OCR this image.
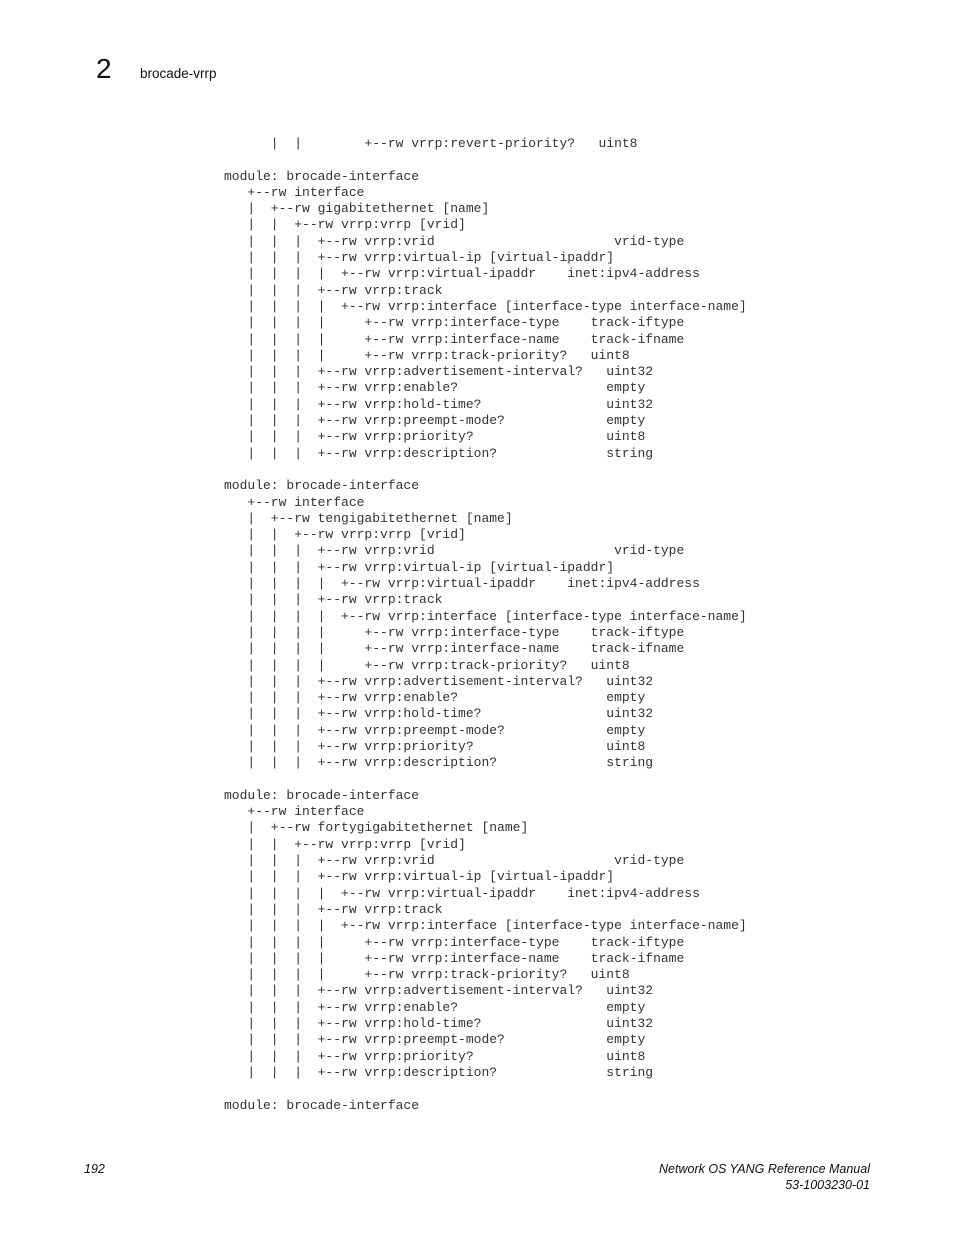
2 brocade-vrrp
|  |        +--rw vrrp:revert-priority?   uint8

module: brocade-interface
+--rw interface
|  +--rw gigabitethernet [name]
|  |  +--rw vrrp:vrrp [vrid]
|  |  |  +--rw vrrp:vrid                       vrid-type
|  |  |  +--rw vrrp:virtual-ip [virtual-ipaddr]
|  |  |  |  +--rw vrrp:virtual-ipaddr    inet:ipv4-address
|  |  |  +--rw vrrp:track
|  |  |  |  +--rw vrrp:interface [interface-type interface-name]
|  |  |  |     +--rw vrrp:interface-type    track-iftype
|  |  |  |     +--rw vrrp:interface-name    track-ifname
|  |  |  |     +--rw vrrp:track-priority?   uint8
|  |  |  +--rw vrrp:advertisement-interval?   uint32
|  |  |  +--rw vrrp:enable?                   empty
|  |  |  +--rw vrrp:hold-time?                uint32
|  |  |  +--rw vrrp:preempt-mode?             empty
|  |  |  +--rw vrrp:priority?                 uint8
|  |  |  +--rw vrrp:description?              string

module: brocade-interface
+--rw interface
|  +--rw tengigabitethernet [name]
|  |  +--rw vrrp:vrrp [vrid]
|  |  |  +--rw vrrp:vrid                       vrid-type
|  |  |  +--rw vrrp:virtual-ip [virtual-ipaddr]
|  |  |  |  +--rw vrrp:virtual-ipaddr    inet:ipv4-address
|  |  |  +--rw vrrp:track
|  |  |  |  +--rw vrrp:interface [interface-type interface-name]
|  |  |  |     +--rw vrrp:interface-type    track-iftype
|  |  |  |     +--rw vrrp:interface-name    track-ifname
|  |  |  |     +--rw vrrp:track-priority?   uint8
|  |  |  +--rw vrrp:advertisement-interval?   uint32
|  |  |  +--rw vrrp:enable?                   empty
|  |  |  +--rw vrrp:hold-time?                uint32
|  |  |  +--rw vrrp:preempt-mode?             empty
|  |  |  +--rw vrrp:priority?                 uint8
|  |  |  +--rw vrrp:description?              string

module: brocade-interface
+--rw interface
|  +--rw fortygigabitethernet [name]
|  |  +--rw vrrp:vrrp [vrid]
|  |  |  +--rw vrrp:vrid                       vrid-type
|  |  |  +--rw vrrp:virtual-ip [virtual-ipaddr]
|  |  |  |  +--rw vrrp:virtual-ipaddr    inet:ipv4-address
|  |  |  +--rw vrrp:track
|  |  |  |  +--rw vrrp:interface [interface-type interface-name]
|  |  |  |     +--rw vrrp:interface-type    track-iftype
|  |  |  |     +--rw vrrp:interface-name    track-ifname
|  |  |  |     +--rw vrrp:track-priority?   uint8
|  |  |  +--rw vrrp:advertisement-interval?   uint32
|  |  |  +--rw vrrp:enable?                   empty
|  |  |  +--rw vrrp:hold-time?                uint32
|  |  |  +--rw vrrp:preempt-mode?             empty
|  |  |  +--rw vrrp:priority?                 uint8
|  |  |  +--rw vrrp:description?              string

module: brocade-interface
192	Network OS YANG Reference Manual
53-1003230-01
